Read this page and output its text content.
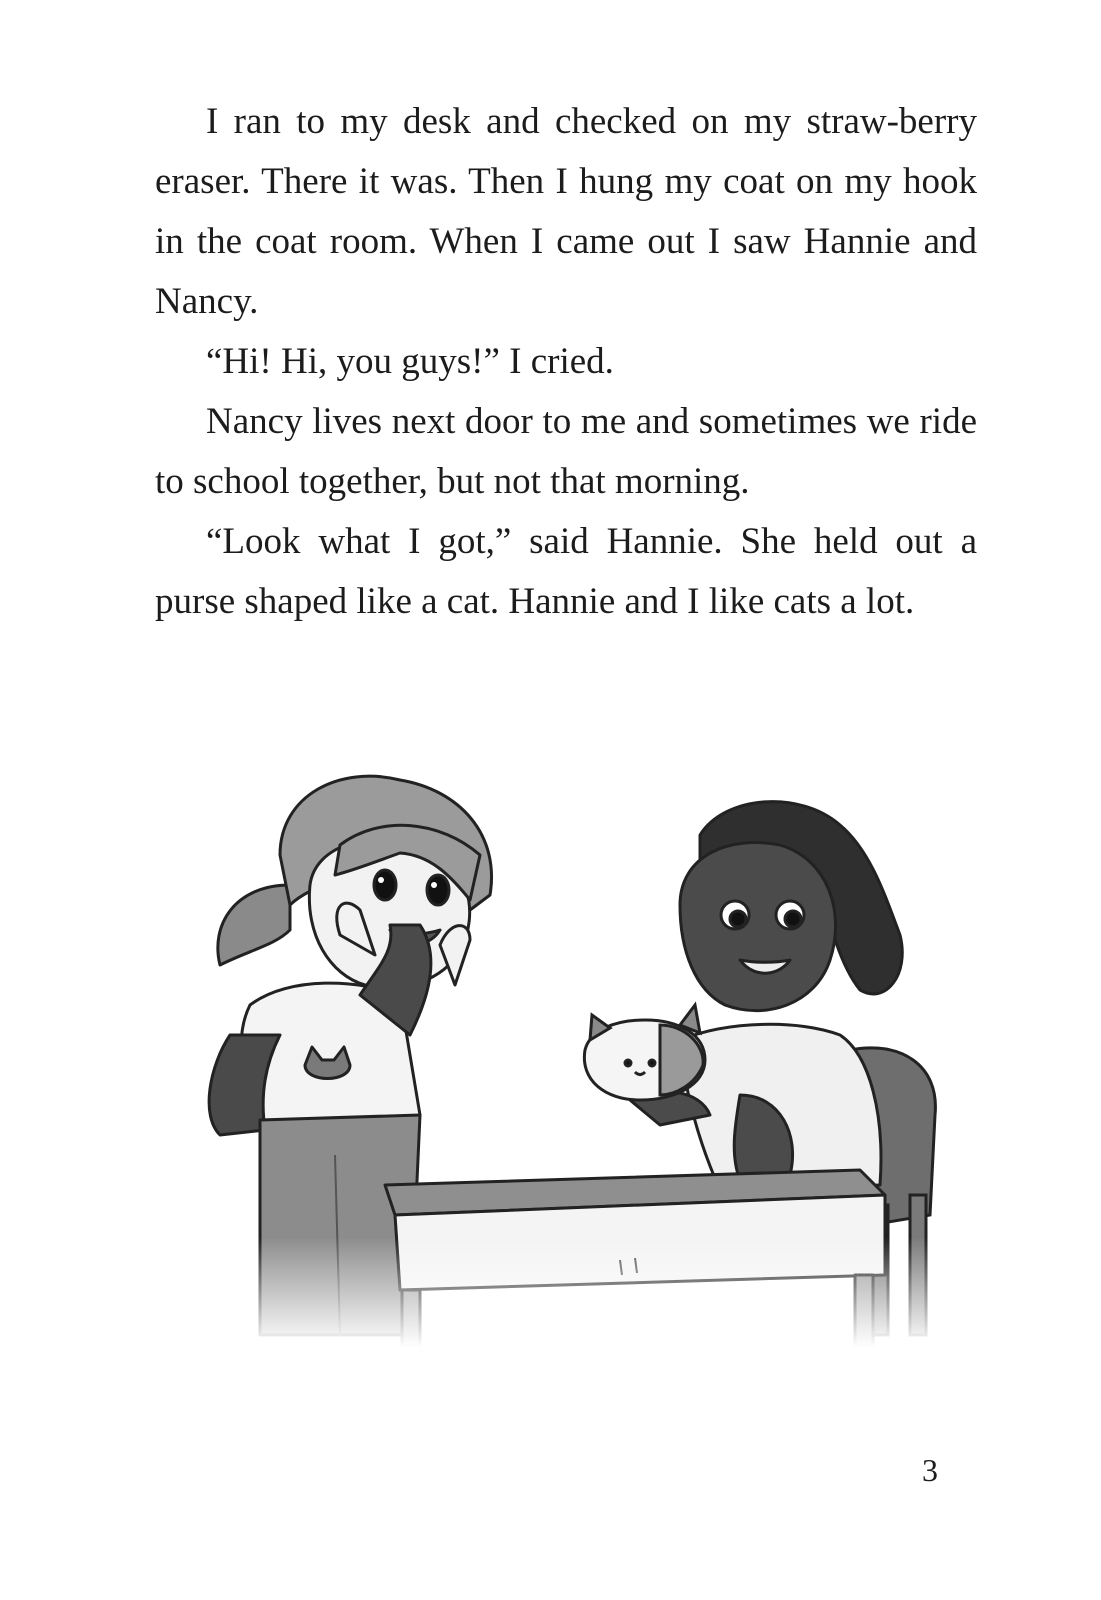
I ran to my desk and checked on my straw-berry eraser. There it was. Then I hung my coat on my hook in the coat room. When I came out I saw Hannie and Nancy.

“Hi! Hi, you guys!” I cried.

Nancy lives next door to me and sometimes we ride to school together, but not that morning.

“Look what I got,” said Hannie. She held out a purse shaped like a cat. Hannie and I like cats a lot.

3
